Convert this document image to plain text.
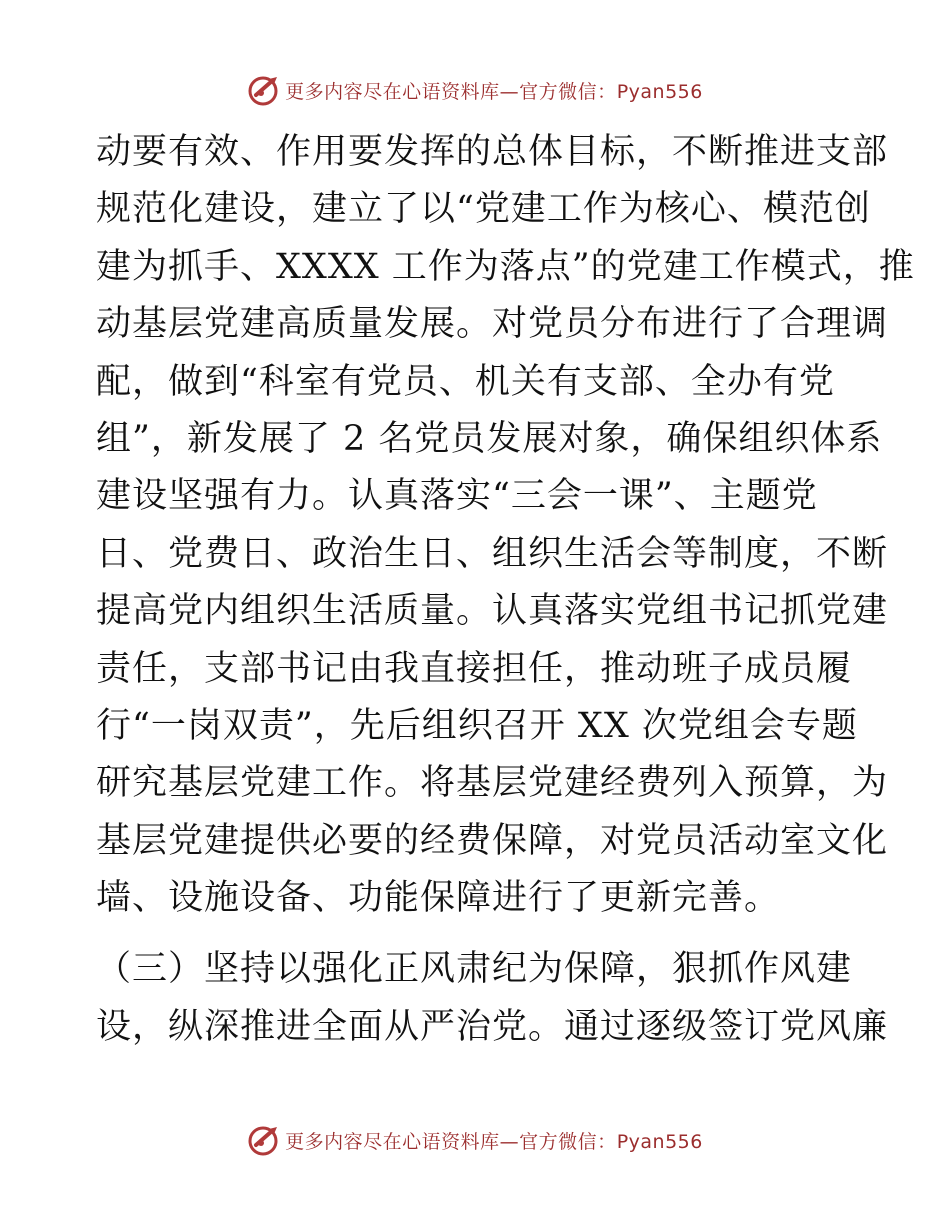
更多内容尽在心语资料库—官方微信：Pyan556
动要有效、作用要发挥的总体目标，不断推进支部
规范化建设，建立了以“党建工作为核心、模范创
建为抓手、XXXX 工作为落点”的党建工作模式，推
动基层党建高质量发展。对党员分布进行了合理调
配，做到“科室有党员、机关有支部、全办有党
组”，新发展了 2 名党员发展对象，确保组织体系
建设坚强有力。认真落实“三会一课”、主题党
日、党费日、政治生日、组织生活会等制度，不断
提高党内组织生活质量。认真落实党组书记抓党建
责任，支部书记由我直接担任，推动班子成员履
行“一岗双责”，先后组织召开 XX 次党组会专题
研究基层党建工作。将基层党建经费列入预算，为
基层党建提供必要的经费保障，对党员活动室文化
墙、设施设备、功能保障进行了更新完善。
（三）坚持以强化正风肃纪为保障，狠抓作风建
设，纵深推进全面从严治党。通过逐级签订党风廉
更多内容尽在心语资料库—官方微信：Pyan556
